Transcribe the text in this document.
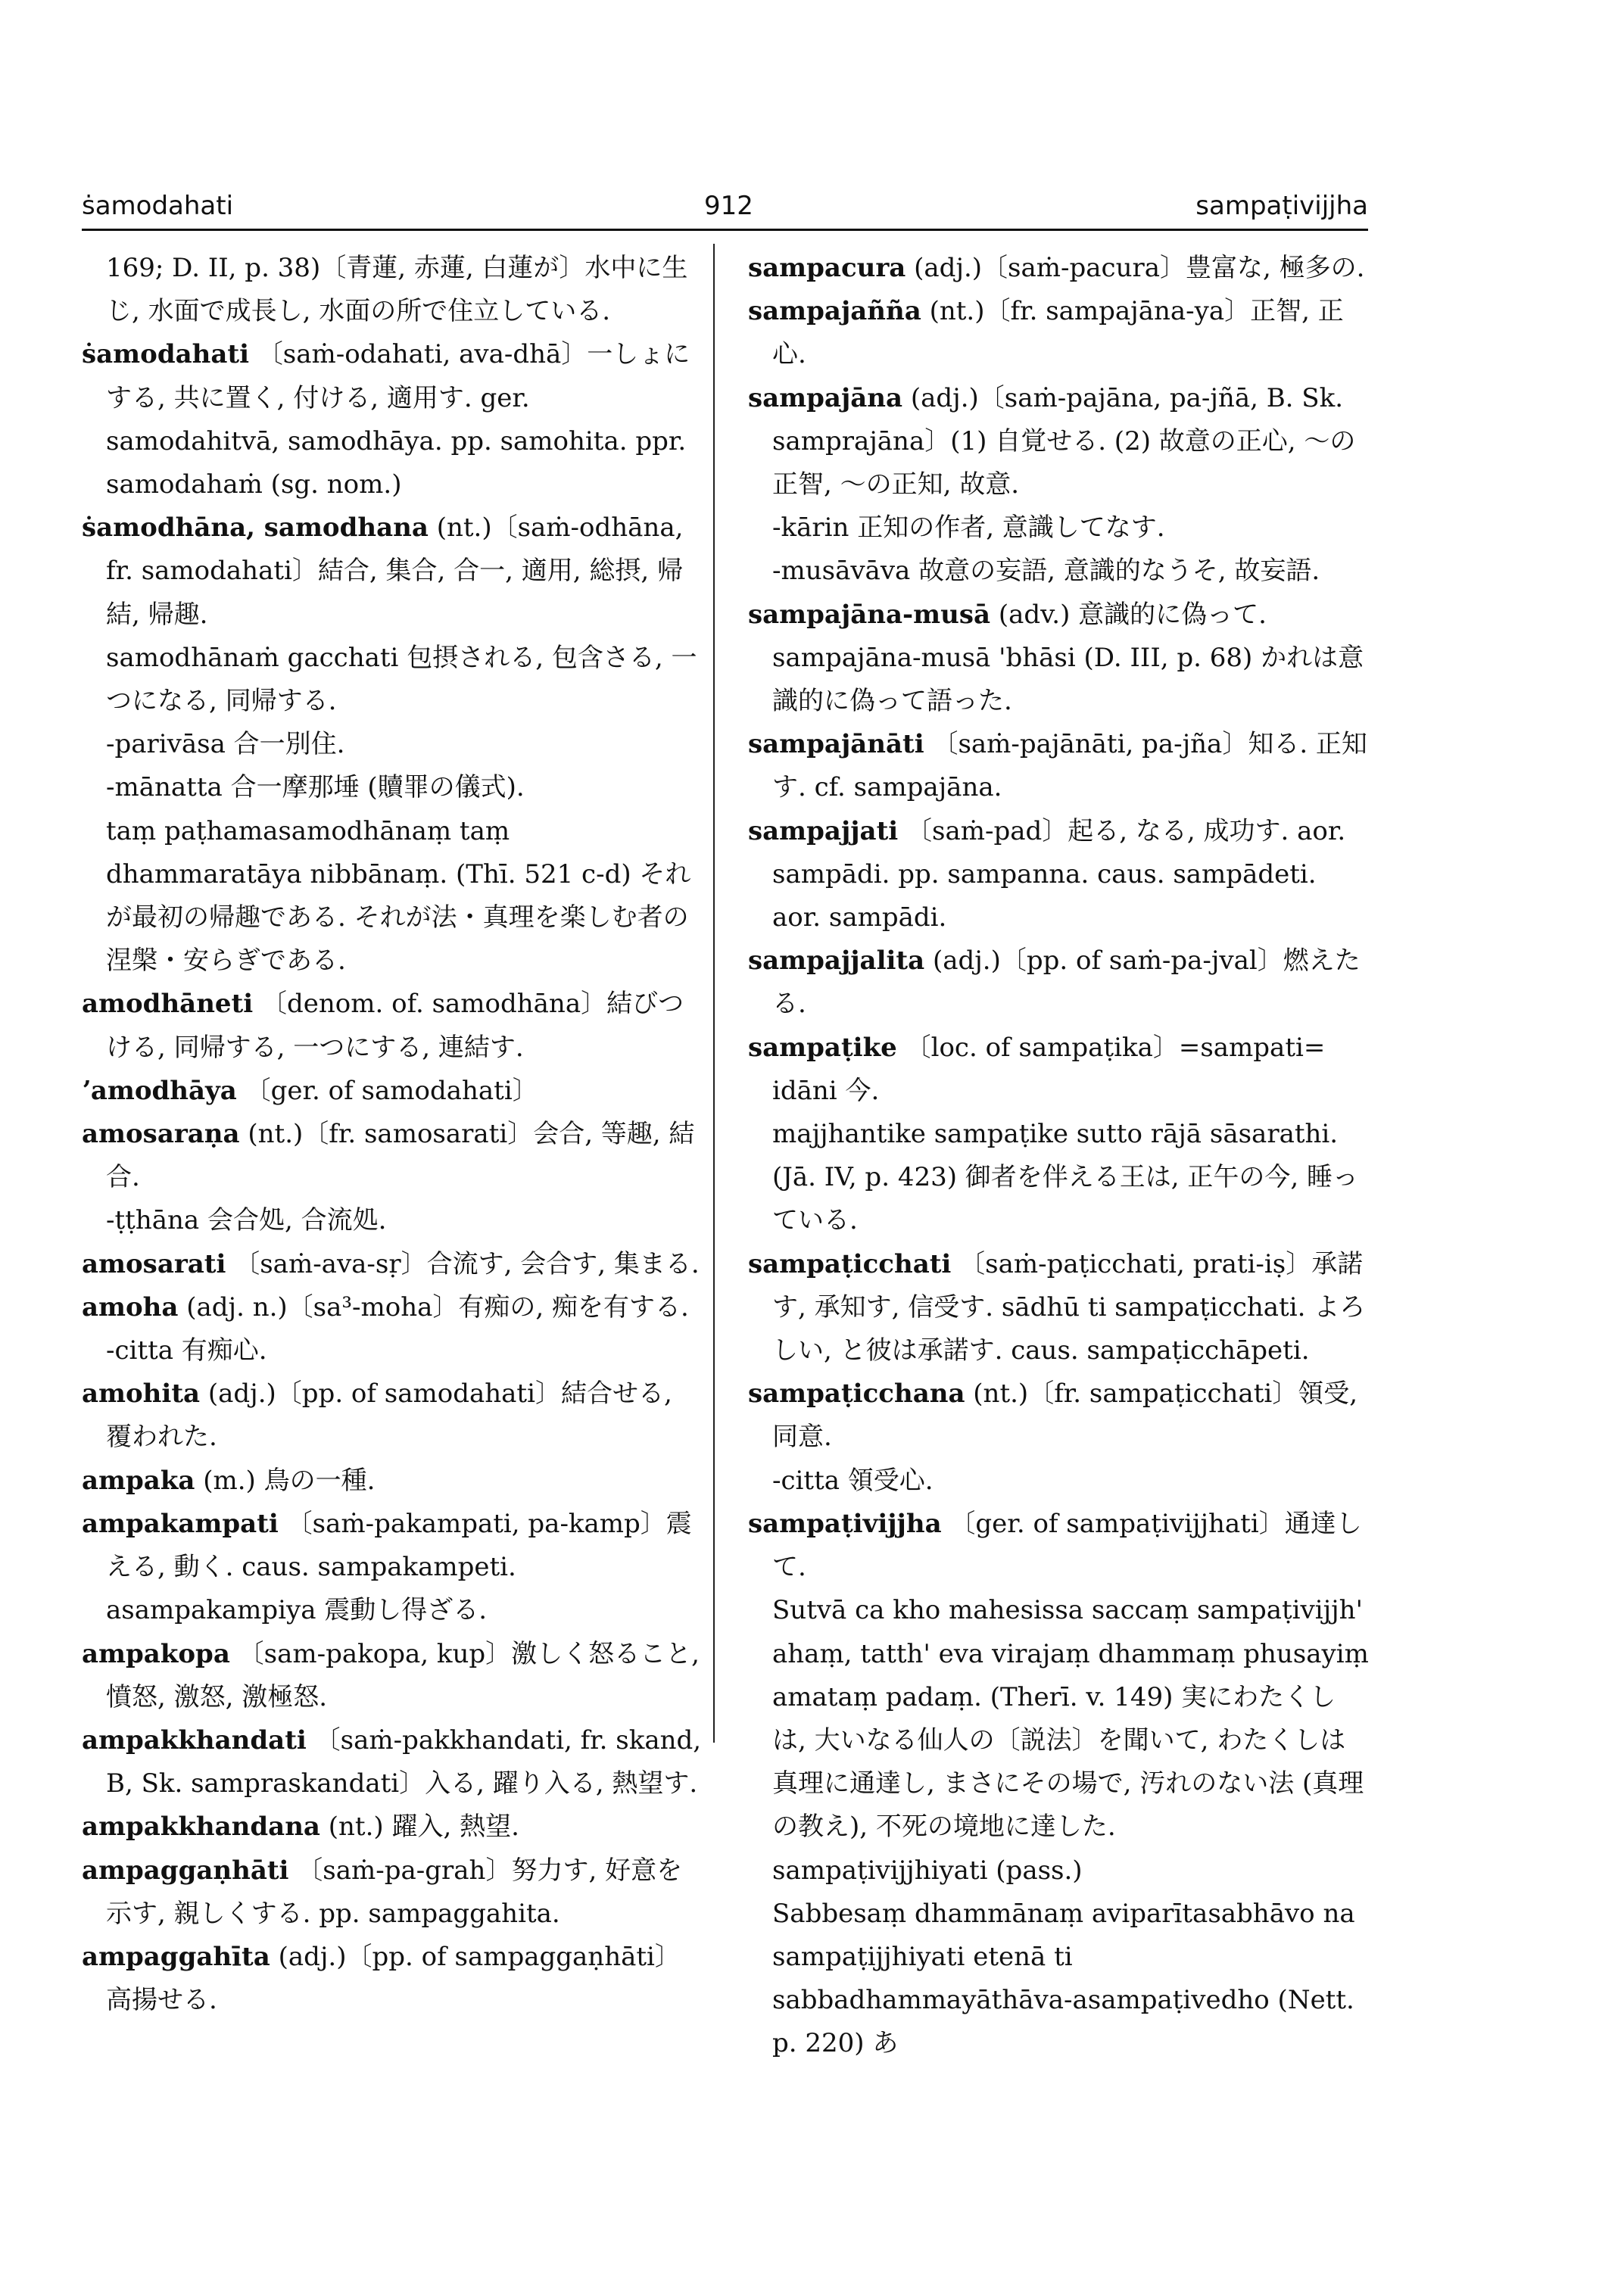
ṡamodahati	912	sampaṭivijjha

169; D. II, p. 38)〔青蓮, 赤蓮, 白蓮が〕水中に生じ, 水面で成長し, 水面の所で住立している.

ṡamodahati 〔saṁ-odahati, ava-dhā〕一しょにする, 共に置く, 付ける, 適用す. ger. samodahitvā, samodhāya. pp. samohita. ppr. samodahaṁ (sg. nom.)

ṡamodhāna, samodhana (nt.)〔saṁ-odhāna, fr. samodahati〕結合, 集合, 合一, 適用, 総摂, 帰結, 帰趣.

samodhānaṁ gacchati 包摂される, 包含さる, 一つになる, 同帰する.

-parivāsa 合一別住.

-mānatta 合一摩那埵 (贖罪の儀式).

taṃ paṭhamasamodhānaṃ taṃ dhammaratāya nibbānaṃ. (Thī. 521 c-d) それが最初の帰趣である. それが法・真理を楽しむ者の涅槃・安らぎである.

amodhāneti 〔denom. of. samodhāna〕結びつける, 同帰する, 一つにする, 連結す.

ʼamodhāya 〔ger. of samodahati〕

amosaraṇa (nt.)〔fr. samosarati〕会合, 等趣, 結合.

-ṭṭhāna 会合処, 合流処.

amosarati 〔saṁ-ava-sṛ〕合流す, 会合す, 集まる.

amoha (adj. n.)〔sa³-moha〕有痴の, 痴を有する.

-citta 有痴心.

amohita (adj.)〔pp. of samodahati〕結合せる, 覆われた.

ampaka (m.) 鳥の一種.

ampakampati 〔saṁ-pakampati, pa-kamp〕震える, 動く. caus. sampakampeti. asampakampiya 震動し得ざる.

ampakopa 〔sam-pakopa, kup〕激しく怒ること, 憤怒, 激怒, 激極怒.

ampakkhandati 〔saṁ-pakkhandati, fr. skand, B, Sk. sampraskandati〕入る, 躍り入る, 熱望す.

ampakkhandana (nt.) 躍入, 熱望.

ampaggaṇhāti 〔saṁ-pa-grah〕努力す, 好意を示す, 親しくする. pp. sampaggahita.

ampaggahīta (adj.)〔pp. of sampaggaṇhāti〕高揚せる.

sampacura (adj.)〔saṁ-pacura〕豊富な, 極多の.

sampajañña (nt.)〔fr. sampajāna-ya〕正智, 正心.

sampajāna (adj.)〔saṁ-pajāna, pa-jñā, B. Sk. samprajāna〕(1) 自覚せる. (2) 故意の正心, ～の正智, ～の正知, 故意.

-kārin 正知の作者, 意識してなす.

-musāvāva 故意の妄語, 意識的なうそ, 故妄語.

sampajāna-musā (adv.) 意識的に偽って.

sampajāna-musā 'bhāsi (D. III, p. 68) かれは意識的に偽って語った.

sampajānāti 〔saṁ-pajānāti, pa-jña〕知る. 正知す. cf. sampajāna.

sampajjati 〔saṁ-pad〕起る, なる, 成功す. aor. sampādi. pp. sampanna. caus. sampādeti. aor. sampādi.

sampajjalita (adj.)〔pp. of saṁ-pa-jval〕燃えたる.

sampaṭike 〔loc. of sampaṭika〕=sampati= idāni 今.

majjhantike sampaṭike sutto rājā sāsarathi. (Jā. IV, p. 423) 御者を伴える王は, 正午の今, 睡っている.

sampaṭicchati 〔saṁ-paṭicchati, prati-iṣ〕承諾す, 承知す, 信受す. sādhū ti sampaṭicchati. よろしい, と彼は承諾す. caus. sampaṭicchāpeti.

sampaṭicchana (nt.)〔fr. sampaṭicchati〕領受, 同意.

-citta 領受心.

sampaṭivijjha 〔ger. of sampaṭivijjhati〕通達して.

Sutvā ca kho mahesissa saccaṃ sampaṭivijjh' ahaṃ, tatth' eva virajaṃ dhammaṃ phusayiṃ amataṃ padaṃ. (Therī. v. 149) 実にわたくしは, 大いなる仙人の〔説法〕を聞いて, わたくしは真理に通達し, まさにその場で, 汚れのない法 (真理の教え), 不死の境地に達した.

sampaṭivijjhiyati (pass.)

Sabbesaṃ dhammānaṃ aviparītasabhāvo na sampaṭijjhiyati etenā ti sabbadhammayāthāva-asampaṭivedho (Nett. p. 220) あ
